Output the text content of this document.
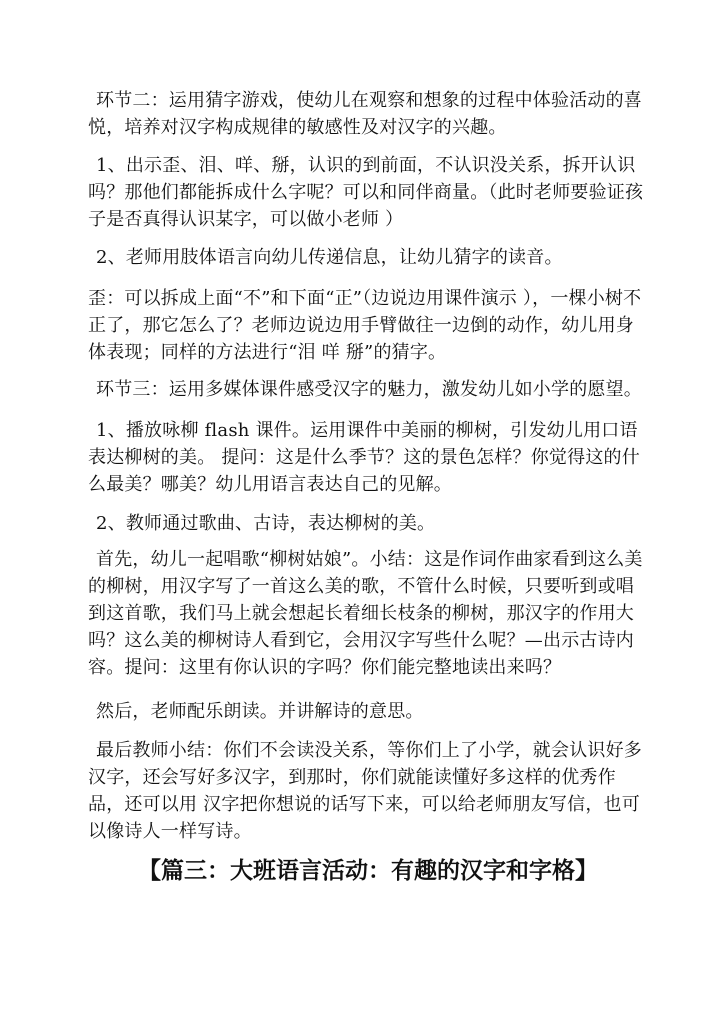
环节二：运用猜字游戏，使幼儿在观察和想象的过程中体验活动的喜悦，培养对汉字构成规律的敏感性及对汉字的兴趣。

1、出示歪、泪、咩、掰，认识的到前面，不认识没关系，拆开认识吗？那他们都能拆成什么字呢？可以和同伴商量。（此时老师要验证孩子是否真得认识某字，可以做小老师 ）

2、老师用肢体语言向幼儿传递信息，让幼儿猜字的读音。

歪：可以拆成上面“不”和下面“正”（边说边用课件演示 ），一棵小树不正了，那它怎么了？老师边说边用手臂做往一边倒的动作，幼儿用身体表现；同样的方法进行“泪 咩 掰”的猜字。

环节三：运用多媒体课件感受汉字的魅力，激发幼儿如小学的愿望。

1、播放咏柳 flash 课件。运用课件中美丽的柳树，引发幼儿用口语表达柳树的美。 提问：这是什么季节？这的景色怎样？你觉得这的什么最美？哪美？幼儿用语言表达自己的见解。

2、教师通过歌曲、古诗，表达柳树的美。

首先，幼儿一起唱歌“柳树姑娘”。小结：这是作词作曲家看到这么美的柳树，用汉字写了一首这么美的歌，不管什么时候，只要听到或唱到这首歌，我们马上就会想起长着细长枝条的柳树，那汉字的作用大吗？这么美的柳树诗人看到它，会用汉字写些什么呢？—出示古诗内容。提问：这里有你认识的字吗？你们能完整地读出来吗？

然后，老师配乐朗读。并讲解诗的意思。

最后教师小结：你们不会读没关系，等你们上了小学，就会认识好多汉字，还会写好多汉字，到那时，你们就能读懂好多这样的优秀作品，还可以用 汉字把你想说的话写下来，可以给老师朋友写信，也可以像诗人一样写诗。

【篇三：大班语言活动：有趣的汉字和字格】
